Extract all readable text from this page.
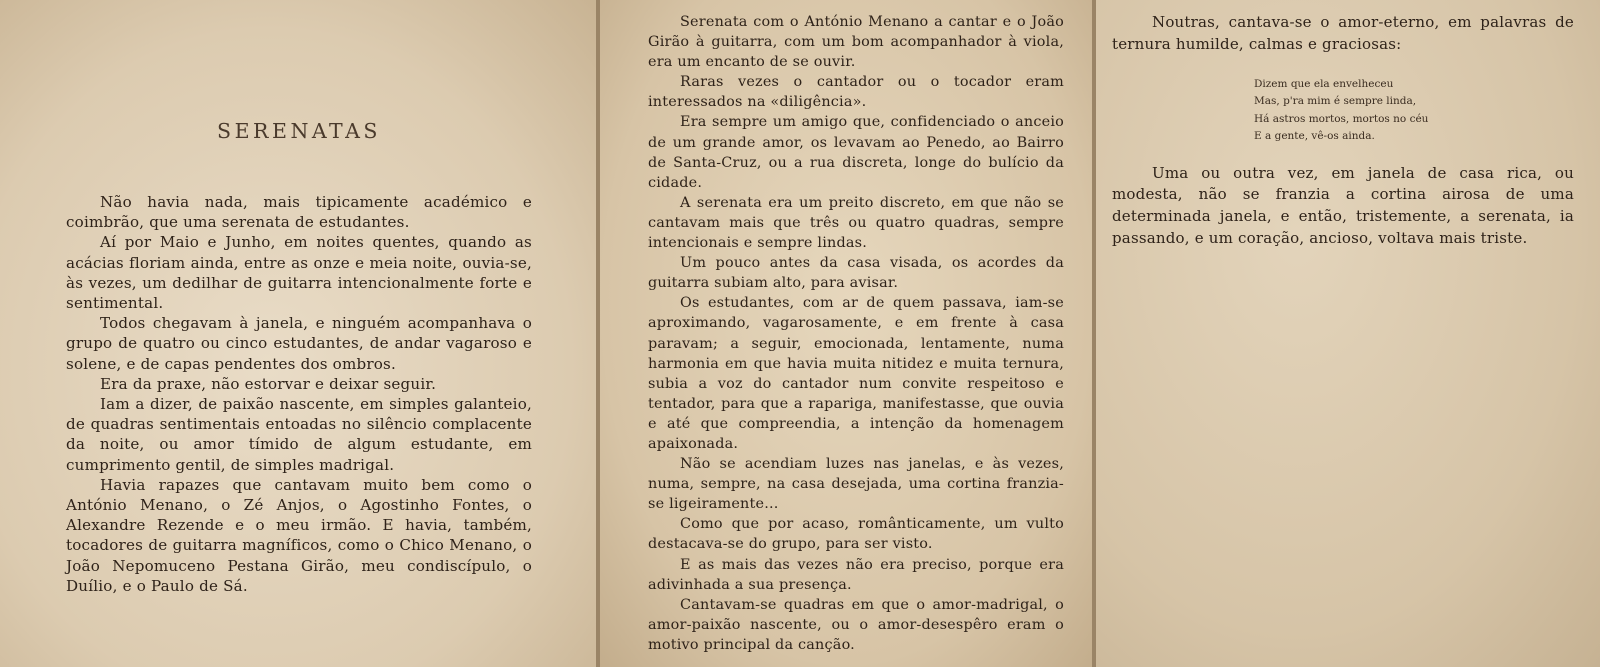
SERENATAS

Não havia nada, mais tipicamente académico e coimbrão, que uma serenata de estudantes.

Aí por Maio e Junho, em noites quentes, quando as acácias floriam ainda, entre as onze e meia noite, ouvia-se, às vezes, um dedilhar de guitarra intencionalmente forte e sentimental.

Todos chegavam à janela, e ninguém acompanhava o grupo de quatro ou cinco estudantes, de andar vagaroso e solene, e de capas pendentes dos ombros.

Era da praxe, não estorvar e deixar seguir.

Iam a dizer, de paixão nascente, em simples galanteio, de quadras sentimentais entoadas no silêncio complacente da noite, ou amor tímido de algum estudante, em cumprimento gentil, de simples madrigal.

Havia rapazes que cantavam muito bem como o António Menano, o Zé Anjos, o Agostinho Fontes, o Alexandre Rezende e o meu irmão. E havia, também, tocadores de guitarra magníficos, como o Chico Menano, o João Nepomuceno Pestana Girão, meu condiscípulo, o Duílio, e o Paulo de Sá.

Serenata com o António Menano a cantar e o João Girão à guitarra, com um bom acompanhador à viola, era um encanto de se ouvir.

Raras vezes o cantador ou o tocador eram interessados na «diligência».

Era sempre um amigo que, confidenciado o anceio de um grande amor, os levavam ao Penedo, ao Bairro de Santa-Cruz, ou a rua discreta, longe do bulício da cidade.

A serenata era um preito discreto, em que não se cantavam mais que três ou quatro quadras, sempre intencionais e sempre lindas.

Um pouco antes da casa visada, os acordes da guitarra subiam alto, para avisar.

Os estudantes, com ar de quem passava, iam-se aproximando, vagarosamente, e em frente à casa paravam; a seguir, emocionada, lentamente, numa harmonia em que havia muita nitidez e muita ternura, subia a voz do cantador num convite respeitoso e tentador, para que a rapariga, manifestasse, que ouvia e até que compreendia, a intenção da homenagem apaixonada.

Não se acendiam luzes nas janelas, e às vezes, numa, sempre, na casa desejada, uma cortina franzia-se ligeiramente...

Como que por acaso, românticamente, um vulto destacava-se do grupo, para ser visto.

E as mais das vezes não era preciso, porque era adivinhada a sua presença.

Cantavam-se quadras em que o amor-madrigal, o amor-paixão nascente, ou o amor-desespêro eram o motivo principal da canção.

Noutras, cantava-se o amor-eterno, em palavras de ternura humilde, calmas e graciosas:

Dizem que ela envelheceu
Mas, p'ra mim é sempre linda,
Há astros mortos, mortos no céu
E a gente, vê-os ainda.

Uma ou outra vez, em janela de casa rica, ou modesta, não se franzia a cortina airosa de uma determinada janela, e então, tristemente, a serenata, ia passando, e um coração, ancioso, voltava mais triste.
